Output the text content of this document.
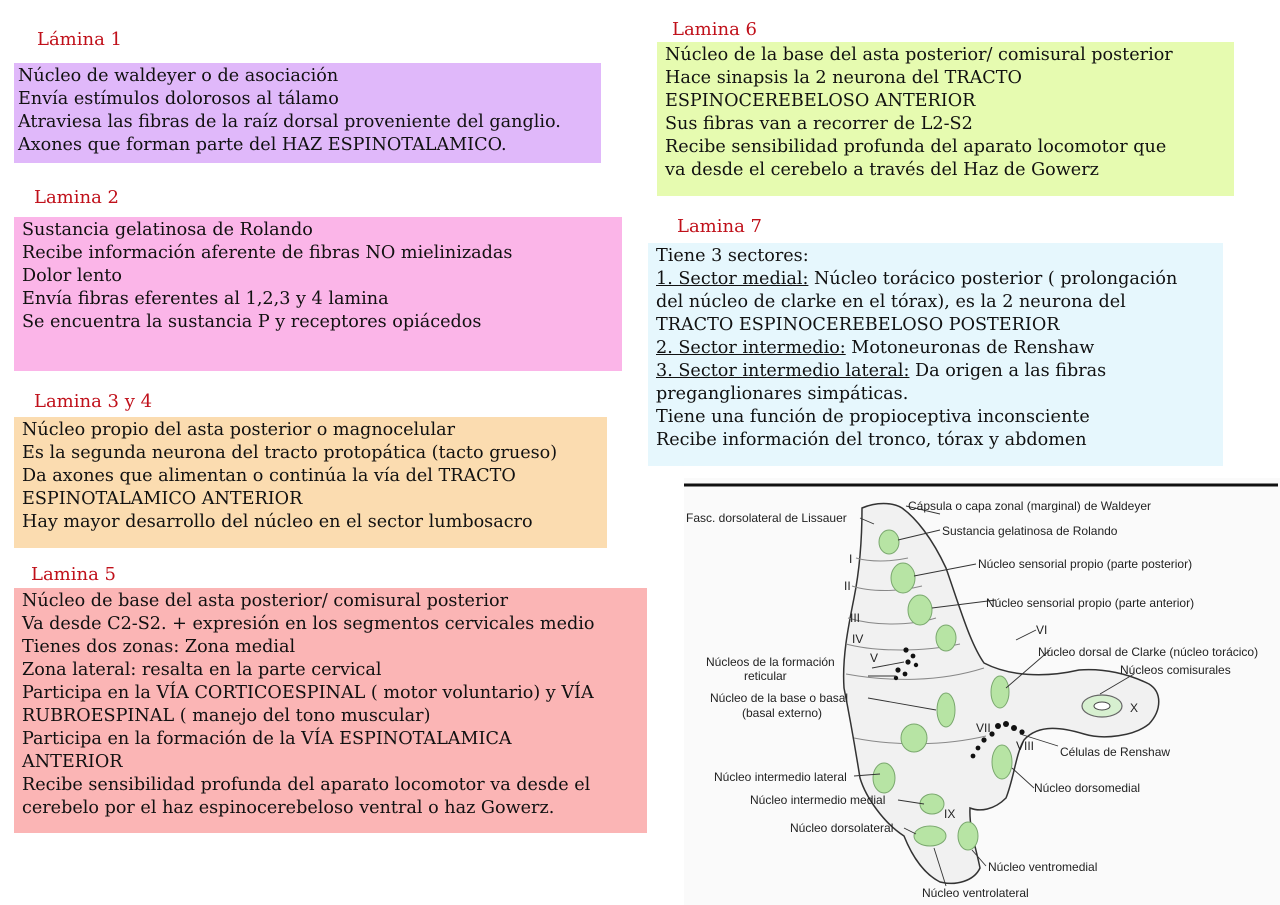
Lámina 1
Núcleo de waldeyer o de asociación
Envía estímulos dolorosos al tálamo
Atraviesa las fibras de la raíz dorsal proveniente del ganglio.
Axones que forman parte del HAZ ESPINOTALAMICO.
Lamina 2
Sustancia gelatinosa de Rolando
Recibe información aferente de fibras NO mielinizadas
Dolor lento
Envía fibras eferentes al 1,2,3 y 4 lamina
Se encuentra la sustancia P y receptores opiácedos
Lamina 3 y 4
Núcleo propio del asta posterior o magnocelular
Es la segunda neurona del tracto protopática (tacto grueso)
Da axones que alimentan o continúa la vía del TRACTO
ESPINOTALAMICO ANTERIOR
Hay mayor desarrollo del núcleo en el sector lumbosacro
Lamina 5
Núcleo de base del asta posterior/ comisural posterior
Va desde C2-S2. + expresión en los segmentos cervicales medio
Tienes dos zonas: Zona medial
Zona lateral: resalta en la parte cervical
Participa en la VÍA CORTICOESPINAL ( motor voluntario) y VÍA
RUBROESPINAL ( manejo del tono muscular)
Participa en la formación de la VÍA ESPINOTALAMICA
ANTERIOR
Recibe sensibilidad profunda del aparato locomotor va desde el
cerebelo por el haz espinocerebeloso ventral o haz Gowerz.
Lamina 6
Núcleo de la base del asta posterior/ comisural posterior
Hace sinapsis la 2 neurona del TRACTO
ESPINOCEREBELOSO ANTERIOR
Sus fibras van a recorrer de L2-S2
Recibe sensibilidad profunda del aparato locomotor que
va desde el cerebelo a través del Haz de Gowerz
Lamina 7
Tiene 3 sectores:
1. Sector medial: Núcleo torácico posterior ( prolongación
del núcleo de clarke en el tórax), es la 2 neurona del
TRACTO ESPINOCEREBELOSO POSTERIOR
2. Sector intermedio: Motoneuronas de Renshaw
3. Sector intermedio lateral: Da origen a las fibras
preganglionares simpáticas.
Tiene una función de propioceptiva inconsciente
Recibe información del tronco, tórax y abdomen
I
II
III
IV
V
VI
VII
VIII
IX
X
Fasc. dorsolateral de Lissauer
Cápsula o capa zonal (marginal) de Waldeyer
Sustancia gelatinosa de Rolando
Núcleo sensorial propio (parte posterior)
Núcleo sensorial propio (parte anterior)
Núcleo dorsal de Clarke (núcleo torácico)
Núcleos comisurales
Núcleos de la formación
reticular
Núcleo de la base o basal
(basal externo)
Células de Renshaw
Núcleo intermedio lateral
Núcleo intermedio medial
Núcleo dorsomedial
Núcleo dorsolateral
Núcleo ventromedial
Núcleo ventrolateral
